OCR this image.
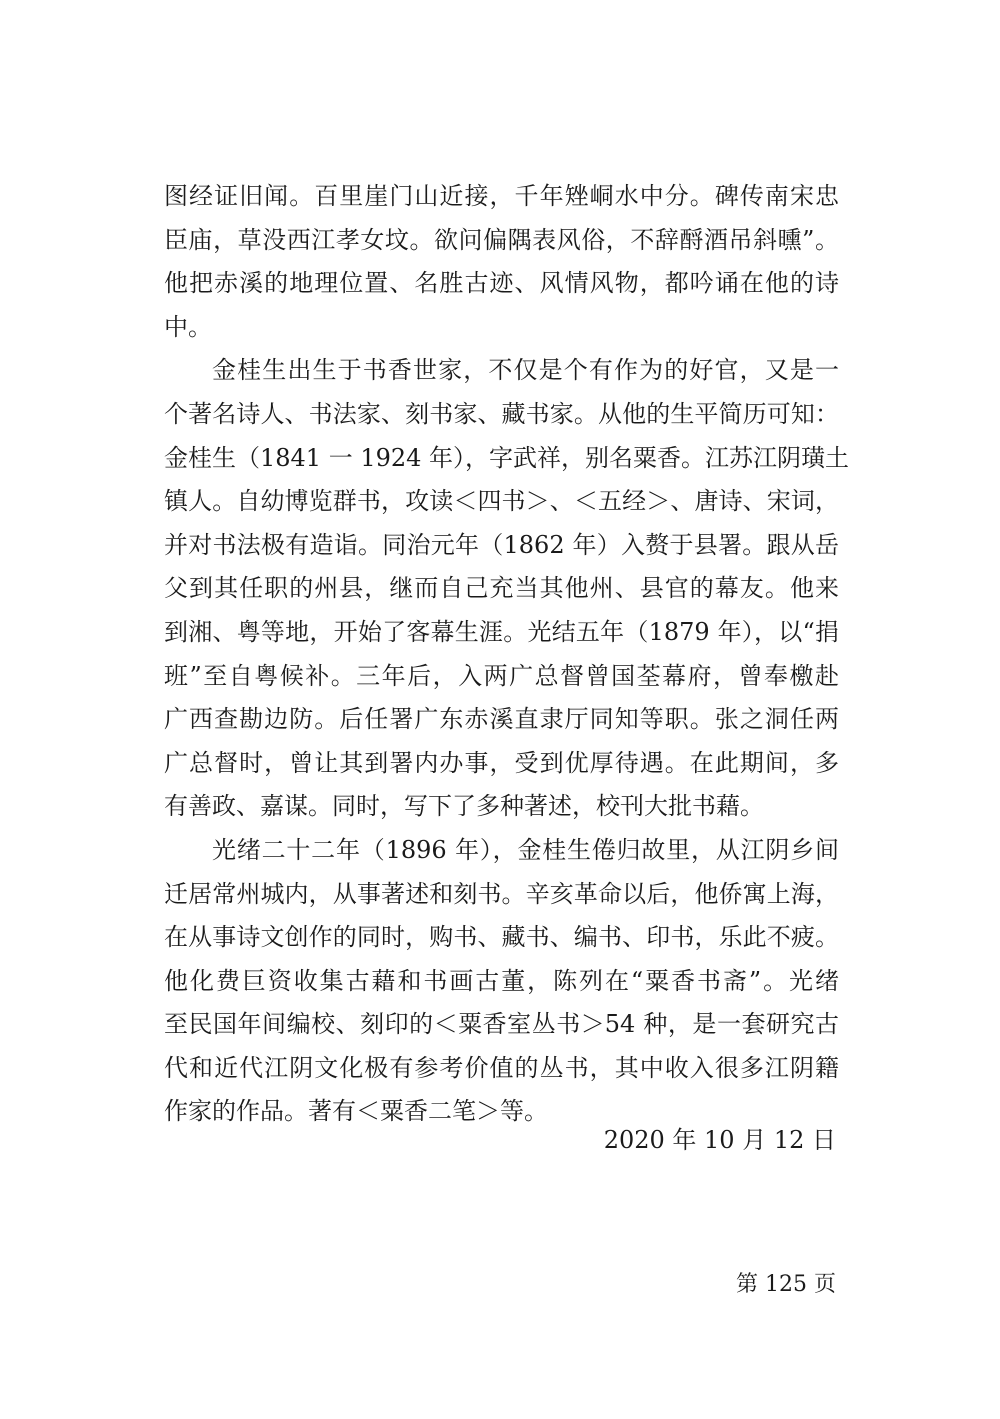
图经证旧闻。百里崖门山近接，千年矬峒水中分。碑传南宋忠
臣庙，草没西江孝女坟。欲问偏隅表风俗，不辞酹酒吊斜曛”。
他把赤溪的地理位置、名胜古迹、风情风物，都吟诵在他的诗
中。
金桂生出生于书香世家，不仅是个有作为的好官，又是一
个著名诗人、书法家、刻书家、藏书家。从他的生平简历可知：
金桂生（1841 一 1924 年），字武祥，别名粟香。江苏江阴璜土
镇人。自幼博览群书，攻读＜四书＞、＜五经＞、唐诗、宋词，
并对书法极有造诣。同治元年（1862 年）入赘于县署。跟从岳
父到其任职的州县，继而自己充当其他州、县官的幕友。他来
到湘、粤等地，开始了客幕生涯。光结五年（1879 年），以“捐
班”至自粤候补。三年后，入两广总督曾国荃幕府，曾奉檄赴
广西查勘边防。后任署广东赤溪直隶厅同知等职。张之洞任两
广总督时，曾让其到署内办事，受到优厚待遇。在此期间，多
有善政、嘉谋。同时，写下了多种著述，校刊大批书藉。
光绪二十二年（1896 年），金桂生倦归故里，从江阴乡间
迁居常州城内，从事著述和刻书。辛亥革命以后，他侨寓上海，
在从事诗文创作的同时，购书、藏书、编书、印书，乐此不疲。
他化费巨资收集古藉和书画古董，陈列在“粟香书斋”。光绪
至民国年间编校、刻印的＜粟香室丛书＞54 种，是一套研究古
代和近代江阴文化极有参考价值的丛书，其中收入很多江阴籍
作家的作品。著有＜粟香二笔＞等。
2020 年 10 月 12 日
第 125 页
